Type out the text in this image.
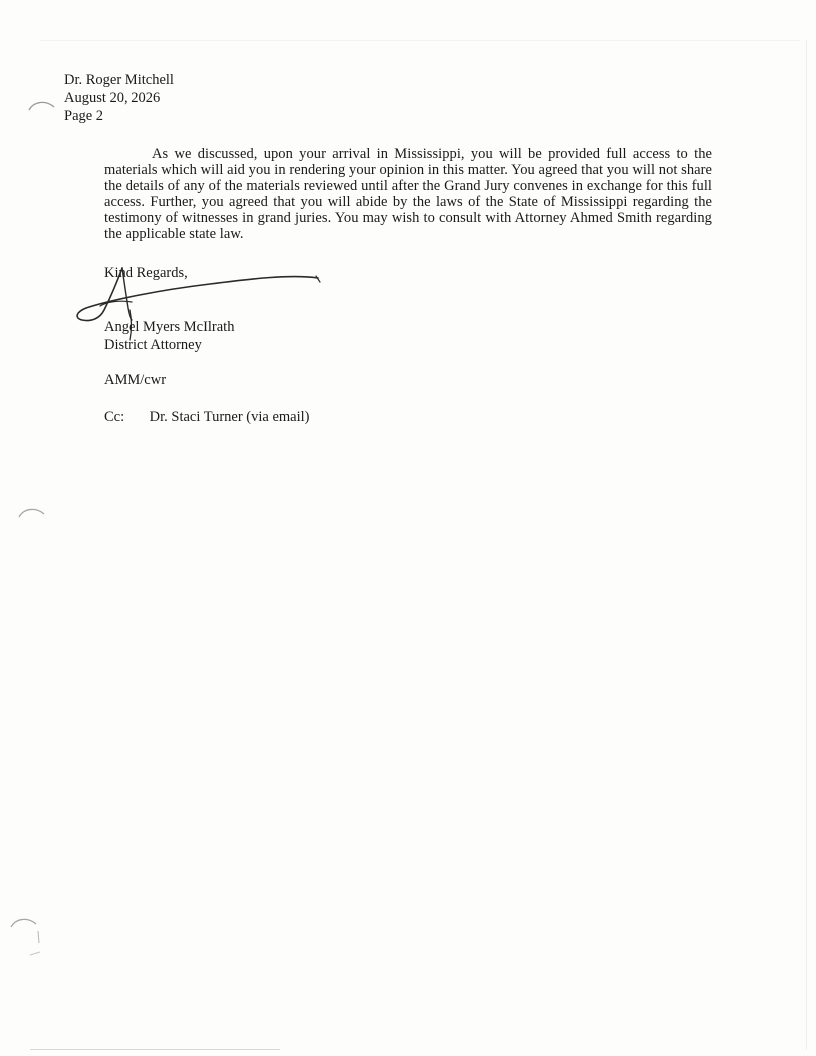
Dr. Roger Mitchell
August 20, 2026
Page 2
As we discussed, upon your arrival in Mississippi, you will be provided full access to the materials which will aid you in rendering your opinion in this matter. You agreed that you will not share the details of any of the materials reviewed until after the Grand Jury convenes in exchange for this full access. Further, you agreed that you will abide by the laws of the State of Mississippi regarding the testimony of witnesses in grand juries. You may wish to consult with Attorney Ahmed Smith regarding the applicable state law.
Kind Regards,
Angel Myers McIlrath
District Attorney
AMM/cwr
Cc: Dr. Staci Turner (via email)
